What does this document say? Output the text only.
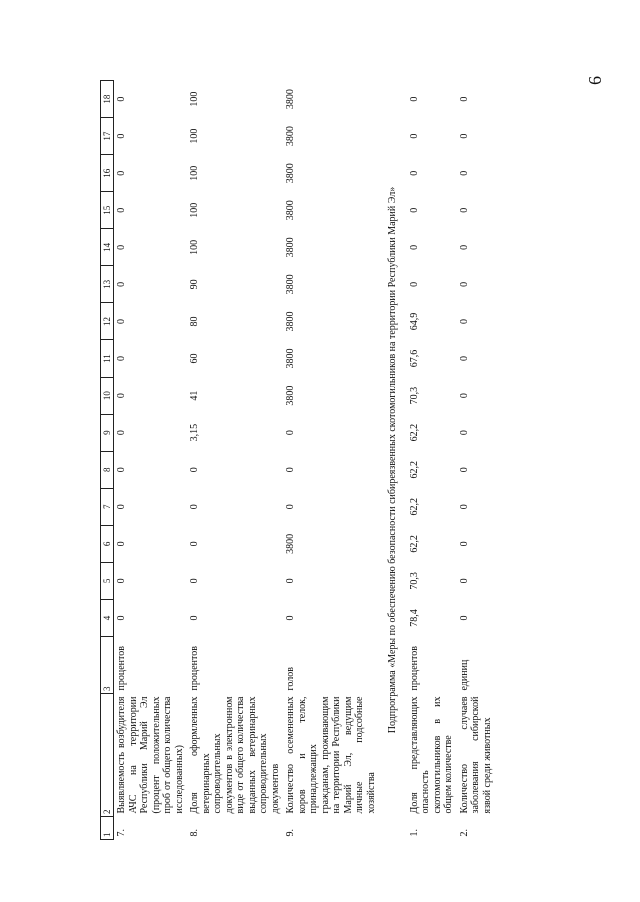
6
1	2	3	4	5	6	7	8	9	10	11	12	13	14	15	16	17	18
7.	Выявляемость возбудителя АЧС на территории Республики Марий Эл (процент положительных проб от общего количества исследованных)	процентов	0	0	0	0	0	0	0	0	0	0	0	0	0	0	0
8.	Доля оформленных ветеринарных сопроводительных документов в электронном виде от общего количества выданных ветеринарных сопроводительных документов	процентов	0	0	0	0	0	3,15	41	60	80	90	100	100	100	100	100
9.	Количество осемененных коров и телок, принадлежащих гражданам, проживающим на территории Республики Марий Эл, ведущим личные подсобные хозяйства	голов	0	0	3800	0	0	0	3800	3800	3800	3800	3800	3800	3800	3800	3800
Подпрограмма «Меры по обеспечению безопасности сибиреязвенных скотомогильников на территории Республики Марий Эл»																	
1.	Доля представляющих опасность скотомогильников в их общем количестве	процентов	78,4	70,3	62,2	62,2	62,2	62,2	70,3	67,6	64,9	0	0	0	0	0	0
2.	Количество случаев заболевания сибирской язвой среди животных	единиц	0	0	0	0	0	0	0	0	0	0	0	0	0	0	0
